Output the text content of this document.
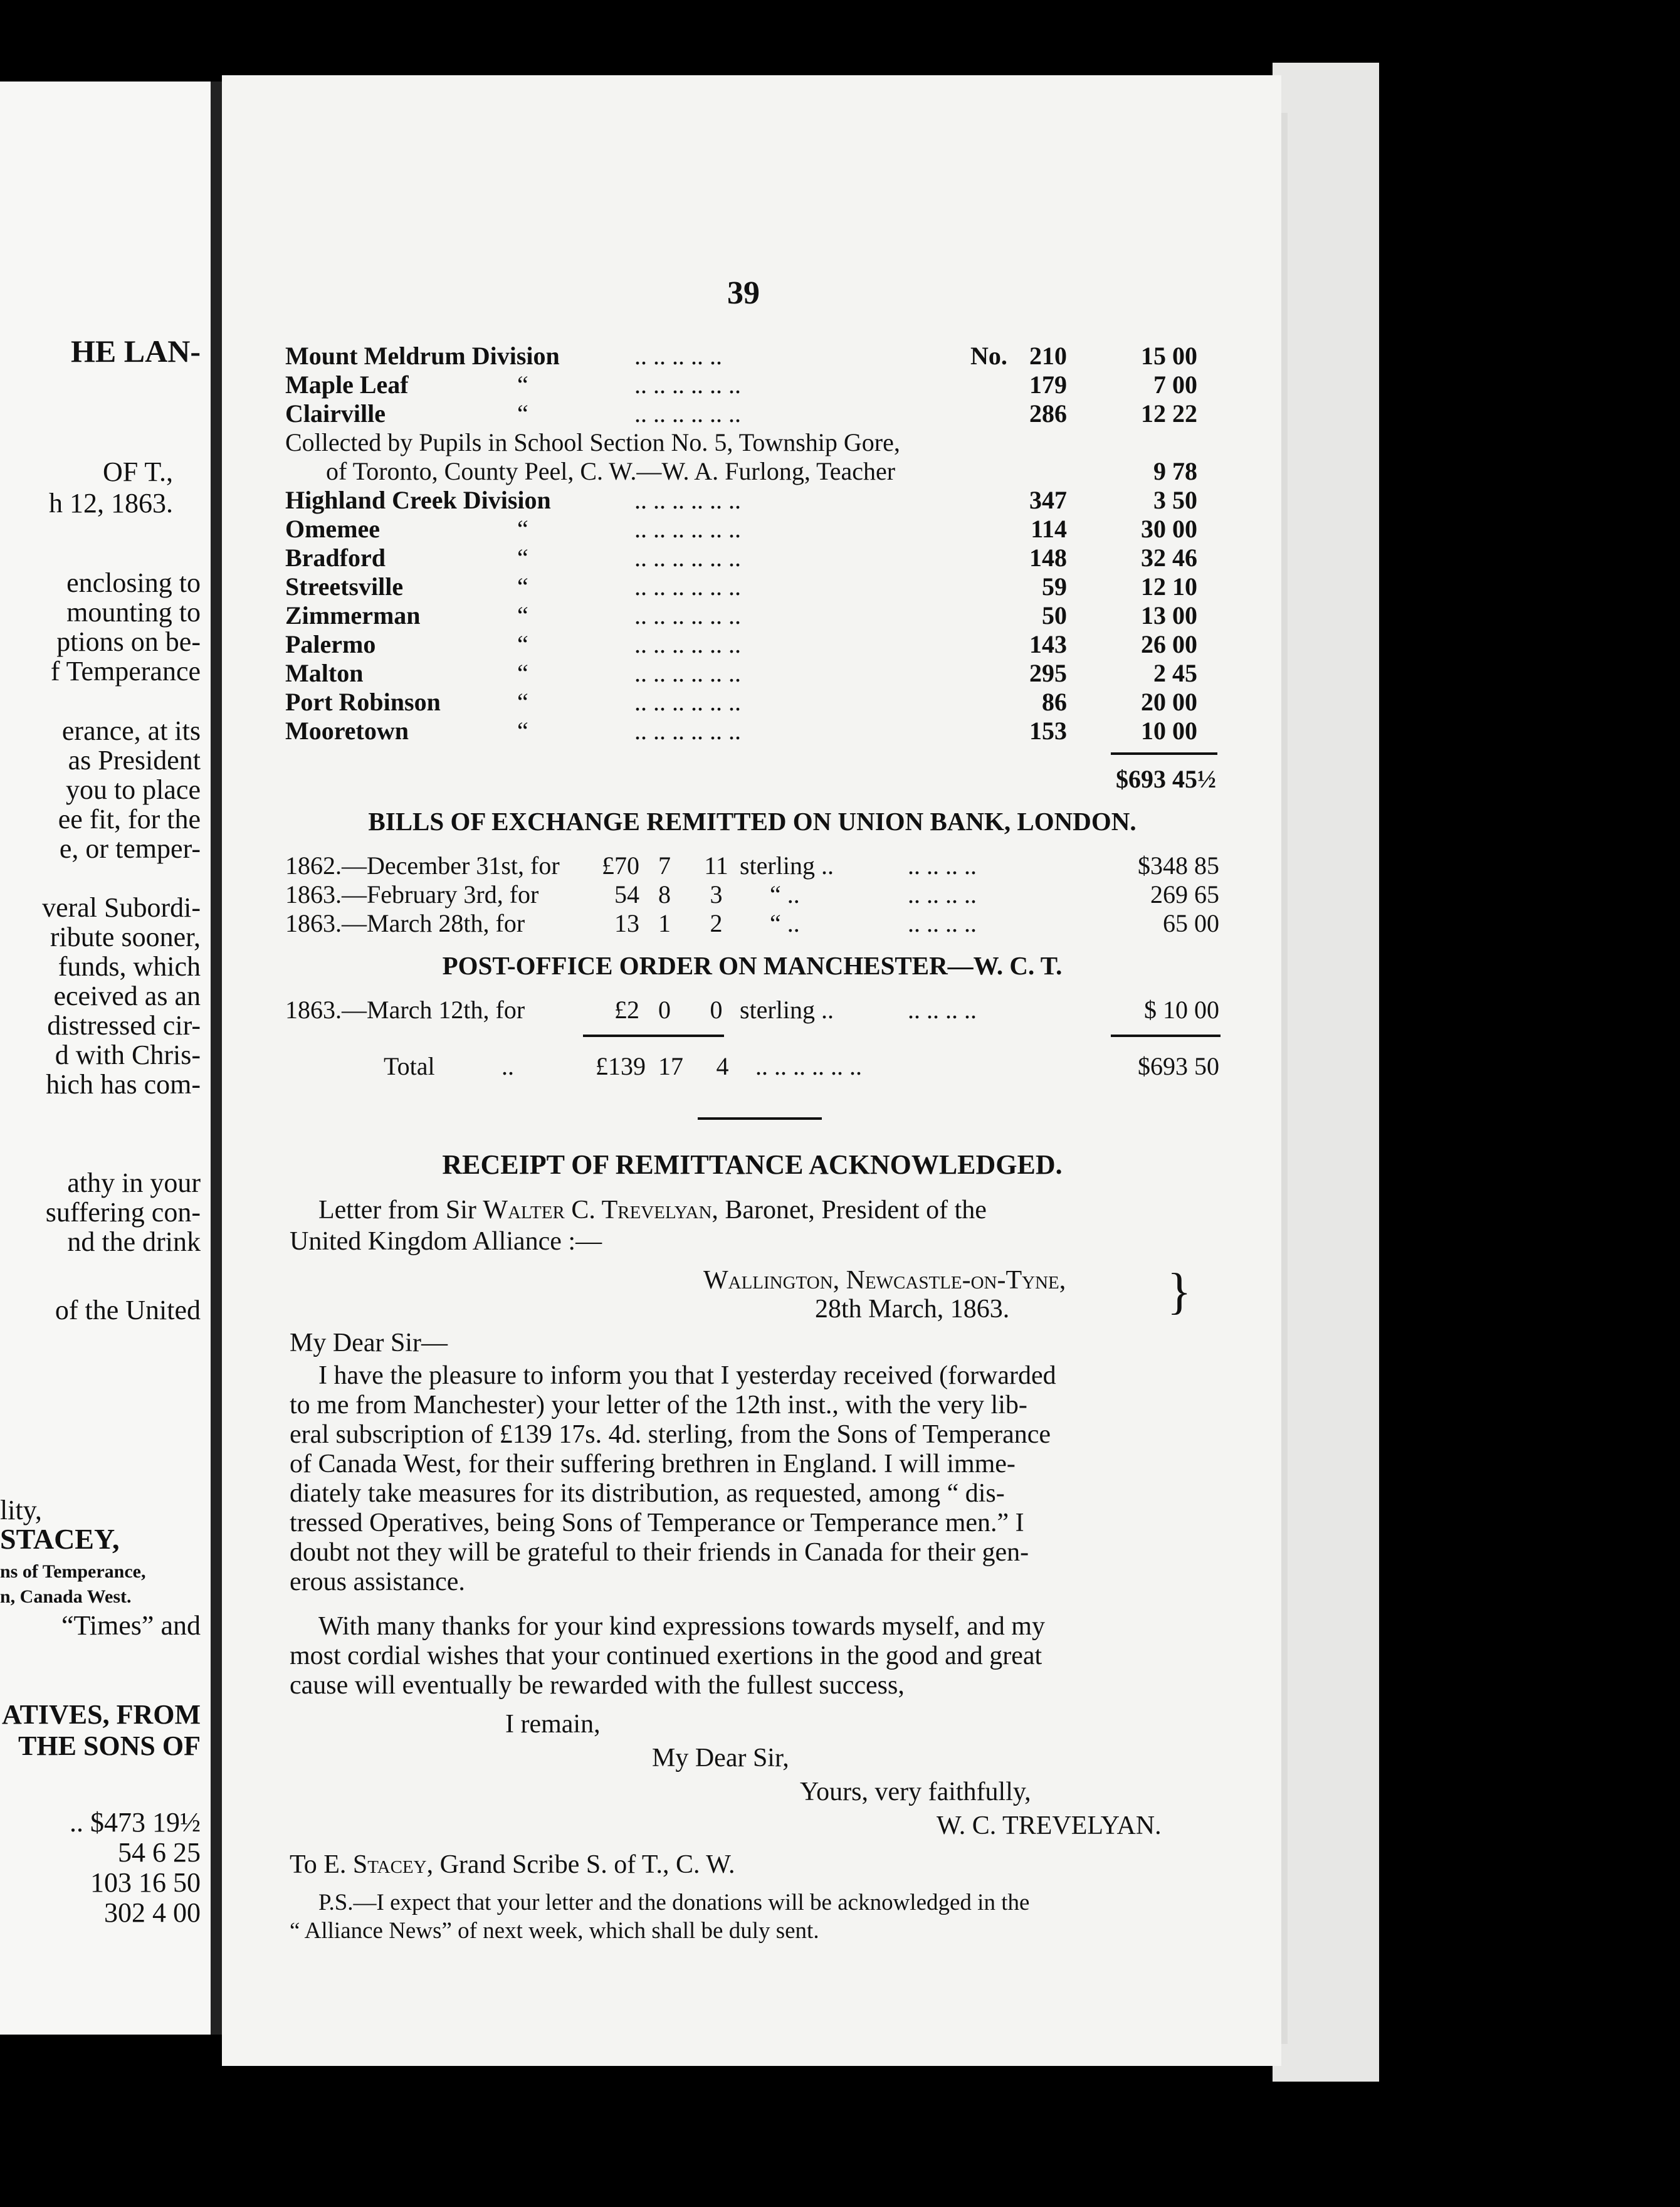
HE LAN-
OF T.,
h 12, 1863.
enclosing to
mounting to
ptions on be-
f Temperance
erance, at its
as President
you to place
ee fit, for the
e, or temper-
veral Subordi-
ribute sooner,
funds, which
eceived as an
distressed cir-
d with Chris-
hich has com-
athy in your
suffering con-
nd the drink
of the United
lity,
STACEY,
ns of Temperance,
n, Canada West.
“Times” and
ATIVES, FROM
THE SONS OF
.. $473 19½
54 6 25
103 16 50
302 4 00
39
Mount Meldrum Division	.. .. .. .. ..	No. 210	15 00
Maple Leaf	“	.. .. .. .. .. ..	179	7 00
Clairville	“	.. .. .. .. .. ..	286	12 22
Collected by Pupils in School Section No. 5, Township Gore,
of Toronto, County Peel, C. W.—W. A. Furlong, Teacher	9 78
Highland Creek Division	.. .. .. .. .. ..	347	3 50
Omemee	“	.. .. .. .. .. ..	114	30 00
Bradford	“	.. .. .. .. .. ..	148	32 46
Streetsville	“	.. .. .. .. .. ..	59	12 10
Zimmerman	“	.. .. .. .. .. ..	50	13 00
Palermo	“	.. .. .. .. .. ..	143	26 00
Malton	“	.. .. .. .. .. ..	295	2 45
Port Robinson	“	.. .. .. .. .. ..	86	20 00
Mooretown	“	.. .. .. .. .. ..	153	10 00
$693 45½
BILLS OF EXCHANGE REMITTED ON UNION BANK, LONDON.
1862.—December 31st, for	£70 7 11 sterling ..	.. .. .. ..	$348 85
1863.—February 3rd, for	54 8	3	“ ..	.. .. .. ..	269 65
1863.—March 28th, for	13 1	2	“ ..	.. .. .. ..	65 00
POST-OFFICE ORDER ON MANCHESTER—W. C. T.
1863.—March 12th, for	£2 0	0 sterling ..	.. .. .. ..	$ 10 00
Total	..	£139 17	4	.. .. .. .. .. ..	$693 50
RECEIPT OF REMITTANCE ACKNOWLEDGED.
Letter from Sir Walter C. Trevelyan, Baronet, President of the
United Kingdom Alliance :—
Wallington, Newcastle-on-Tyne,
28th March, 1863.	}
My Dear Sir—
I have the pleasure to inform you that I yesterday received (forwarded
to me from Manchester) your letter of the 12th inst., with the very lib-
eral subscription of £139 17s. 4d. sterling, from the Sons of Temperance
of Canada West, for their suffering brethren in England. I will imme-
diately take measures for its distribution, as requested, among “ dis-
tressed Operatives, being Sons of Temperance or Temperance men.” I
doubt not they will be grateful to their friends in Canada for their gen-
erous assistance.
With many thanks for your kind expressions towards myself, and my
most cordial wishes that your continued exertions in the good and great
cause will eventually be rewarded with the fullest success,
I remain,
My Dear Sir,
Yours, very faithfully,
W. C. TREVELYAN.
To E. Stacey, Grand Scribe S. of T., C. W.
P.S.—I expect that your letter and the donations will be acknowledged in the
“ Alliance News” of next week, which shall be duly sent.
